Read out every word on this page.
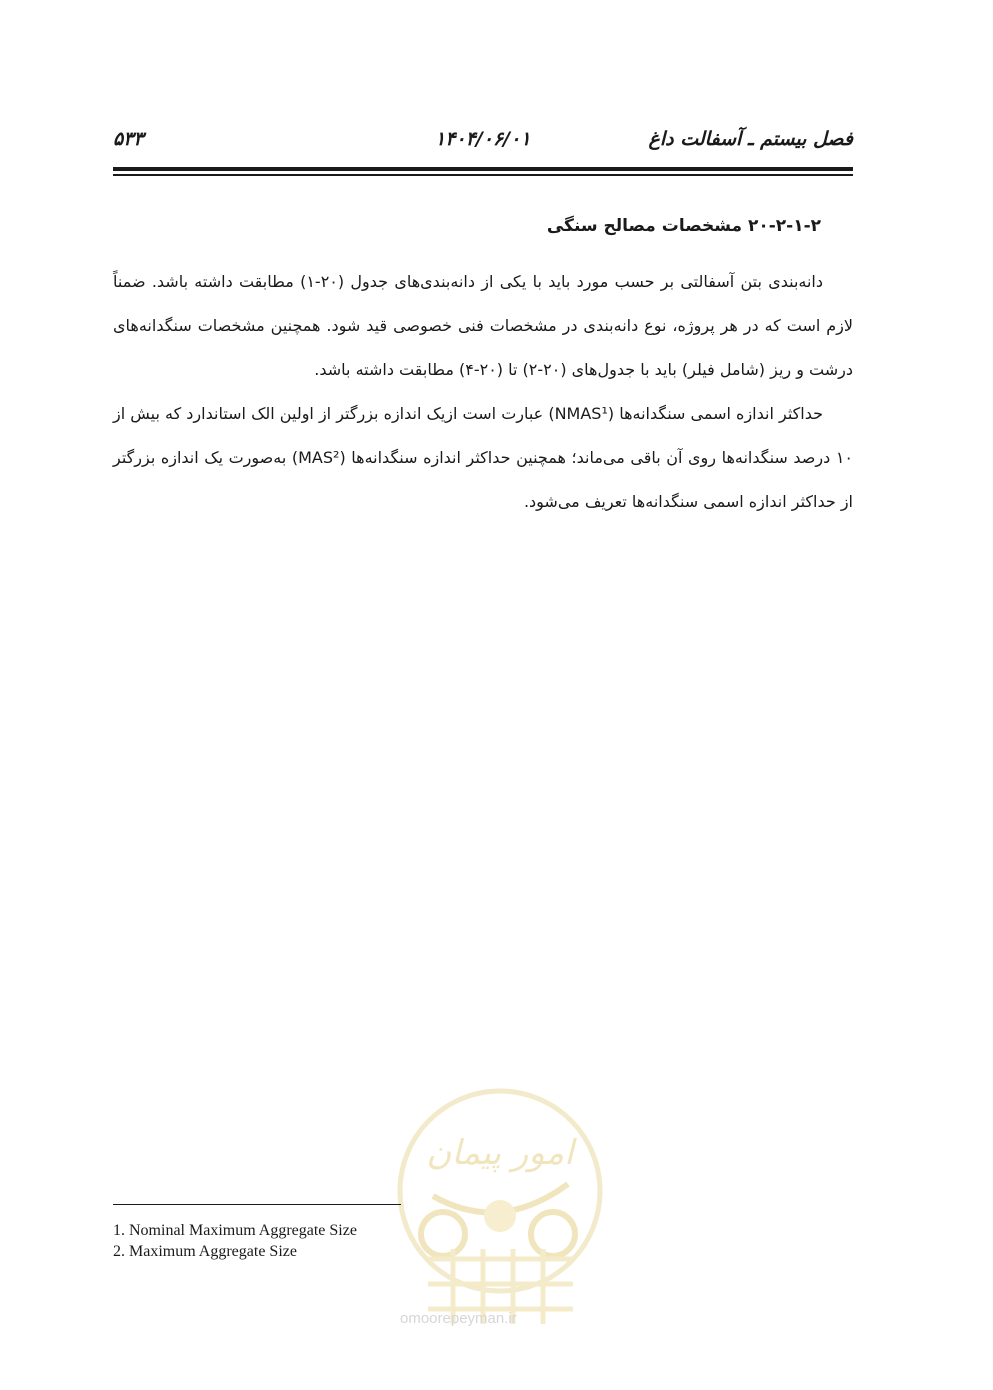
۵۳۳	۱۴۰۴/۰۶/۰۱	فصل بیستم ـ آسفالت داغ
۲۰-۲-۱-۲ مشخصات مصالح سنگی

دانه‌بندی بتن آسفالتی بر حسب مورد باید با یکی از دانه‌بندی‌های جدول (۲۰-۱) مطابقت داشته باشد. ضمناً لازم است که در هر پروژه، نوع دانه‌بندی در مشخصات فنی خصوصی قید شود. همچنین مشخصات سنگدانه‌های درشت و ریز (شامل فیلر) باید با جدول‌های (۲۰-۲) تا (۲۰-۴) مطابقت داشته باشد.

حداکثر اندازه اسمی سنگدانه‌ها (NMAS¹) عبارت است ازیک اندازه بزرگتر از اولین الک استاندارد که بیش از ۱۰ درصد سنگدانه‌ها روی آن باقی می‌ماند؛ همچنین حداکثر اندازه سنگدانه‌ها (MAS²) به‌صورت یک اندازه بزرگتر از حداکثر اندازه اسمی سنگدانه‌ها تعریف می‌شود.

امور پیمان
omoorepeyman.ir
1. Nominal Maximum Aggregate Size
2. Maximum Aggregate Size
